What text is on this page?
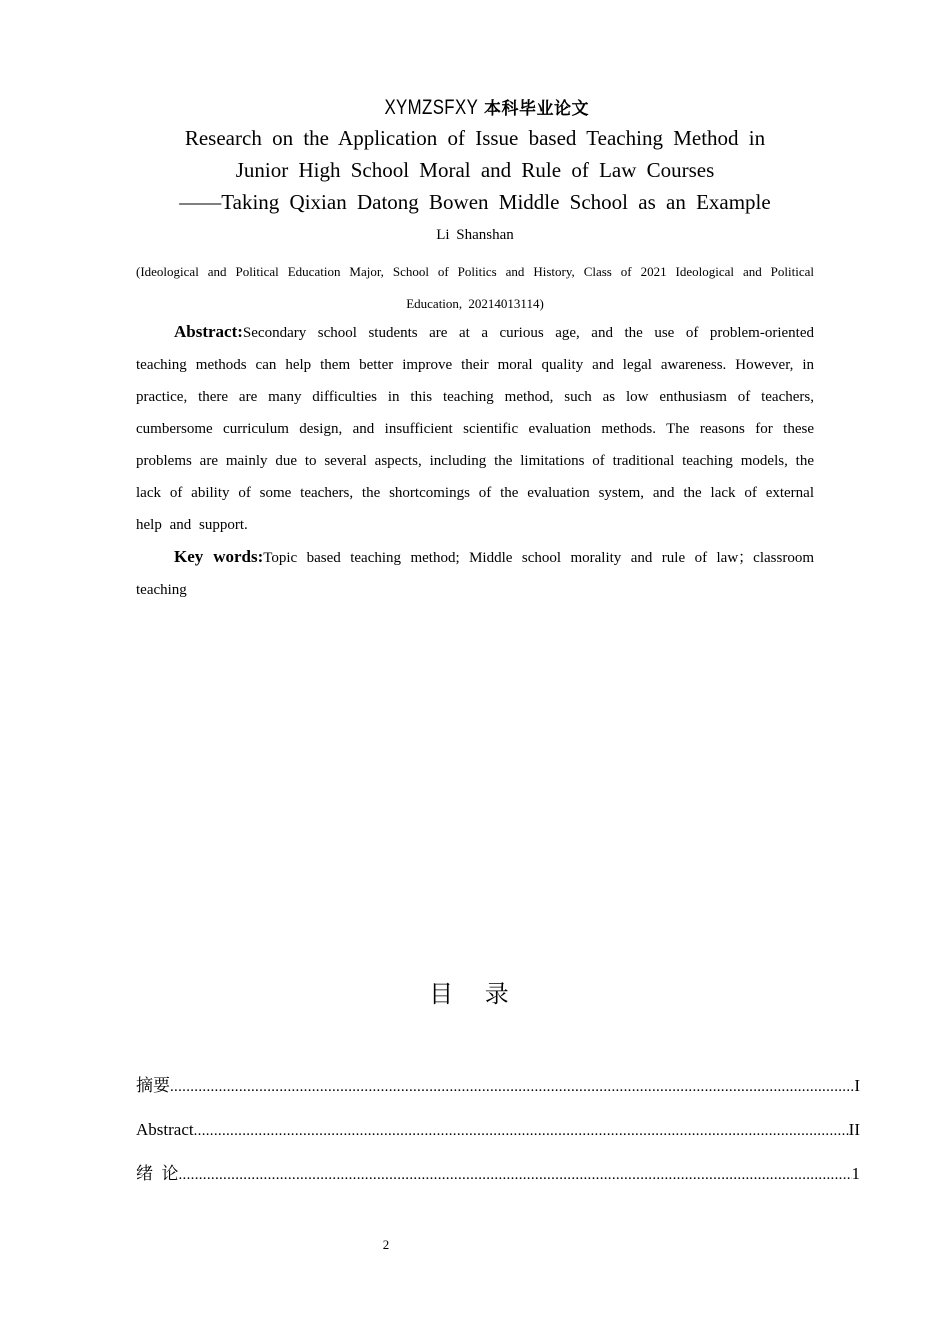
XYMZSFXY 本科毕业论文
Research on the Application of Issue based Teaching Method in
Junior High School Moral and Rule of Law Courses
——Taking Qixian Datong Bowen Middle School as an Example
Li Shanshan
(Ideological and Political Education Major, School of Politics and History, Class of 2021 Ideological and Political Education, 20214013114)

Abstract:Secondary school students are at a curious age, and the use of problem-oriented teaching methods can help them better improve their moral quality and legal awareness. However, in practice, there are many difficulties in this teaching method, such as low enthusiasm of teachers, cumbersome curriculum design, and insufficient scientific evaluation methods. The reasons for these problems are mainly due to several aspects, including the limitations of traditional teaching models, the lack of ability of some teachers, the shortcomings of the evaluation system, and the lack of external help and support.

Key words:Topic based teaching method; Middle school morality and rule of law；classroom teaching

目 录
摘要 .....	I
Abstract .....	II
绪  论 .....	1
2
